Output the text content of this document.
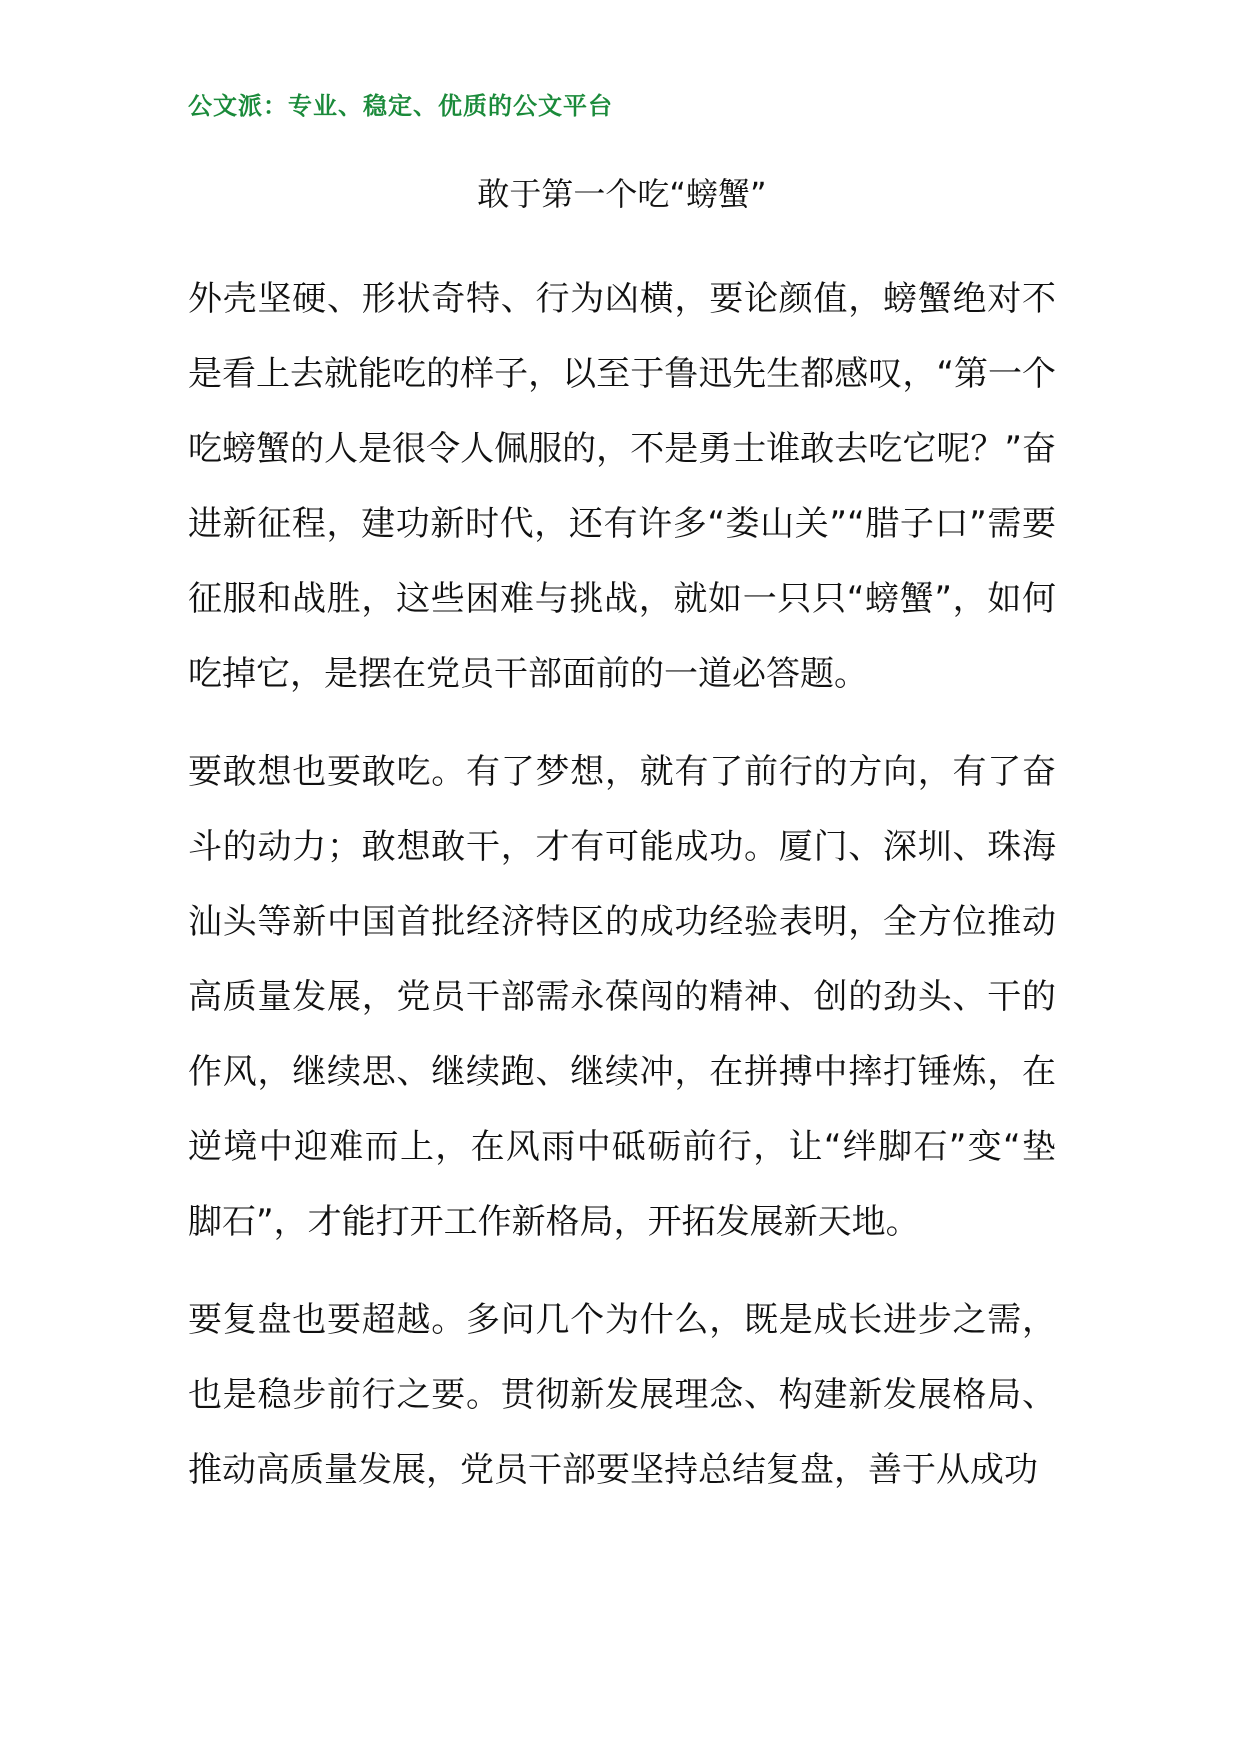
公文派：专业、稳定、优质的公文平台
敢于第一个吃“螃蟹”

外壳坚硬、形状奇特、行为凶横，要论颜值，螃蟹绝对不是看上去就能吃的样子，以至于鲁迅先生都感叹，“第一个吃螃蟹的人是很令人佩服的，不是勇士谁敢去吃它呢？”奋进新征程，建功新时代，还有许多“娄山关”“腊子口”需要征服和战胜，这些困难与挑战，就如一只只“螃蟹”，如何吃掉它，是摆在党员干部面前的一道必答题。

要敢想也要敢吃。有了梦想，就有了前行的方向，有了奋斗的动力；敢想敢干，才有可能成功。厦门、深圳、珠海汕头等新中国首批经济特区的成功经验表明，全方位推动高质量发展，党员干部需永葆闯的精神、创的劲头、干的作风，继续思、继续跑、继续冲，在拼搏中摔打锤炼，在逆境中迎难而上，在风雨中砥砺前行，让“绊脚石”变“垫脚石”，才能打开工作新格局，开拓发展新天地。

要复盘也要超越。多问几个为什么，既是成长进步之需，也是稳步前行之要。贯彻新发展理念、构建新发展格局、推动高质量发展，党员干部要坚持总结复盘，善于从成功
